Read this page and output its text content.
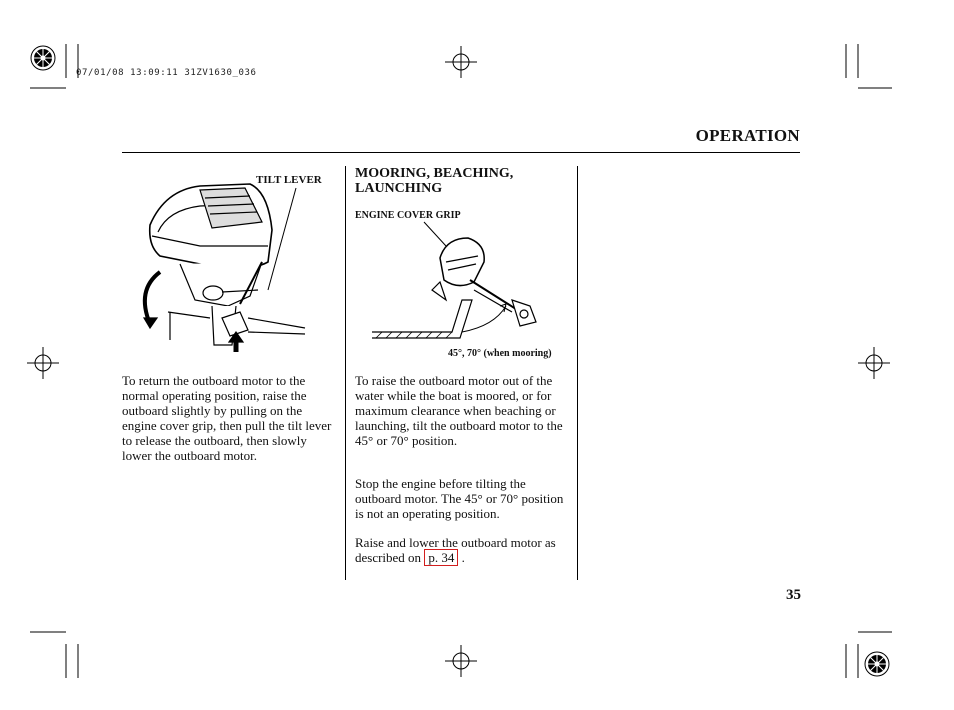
07/01/08 13:09:11 31ZV1630_036
OPERATION
TILT LEVER

To return the outboard motor to the normal operating position, raise the outboard slightly by pulling on the engine cover grip, then pull the tilt lever to release the outboard, then slowly lower the outboard motor.

MOORING, BEACHING,
LAUNCHING
ENGINE COVER GRIP
45°, 70° (when mooring)

To raise the outboard motor out of the water while the boat is moored, or for maximum clearance when beaching or launching, tilt the outboard motor to the 45° or 70° position.

Stop the engine before tilting the outboard motor. The 45° or 70° position is not an operating position.

Raise and lower the outboard motor as described on p. 34 .

35
